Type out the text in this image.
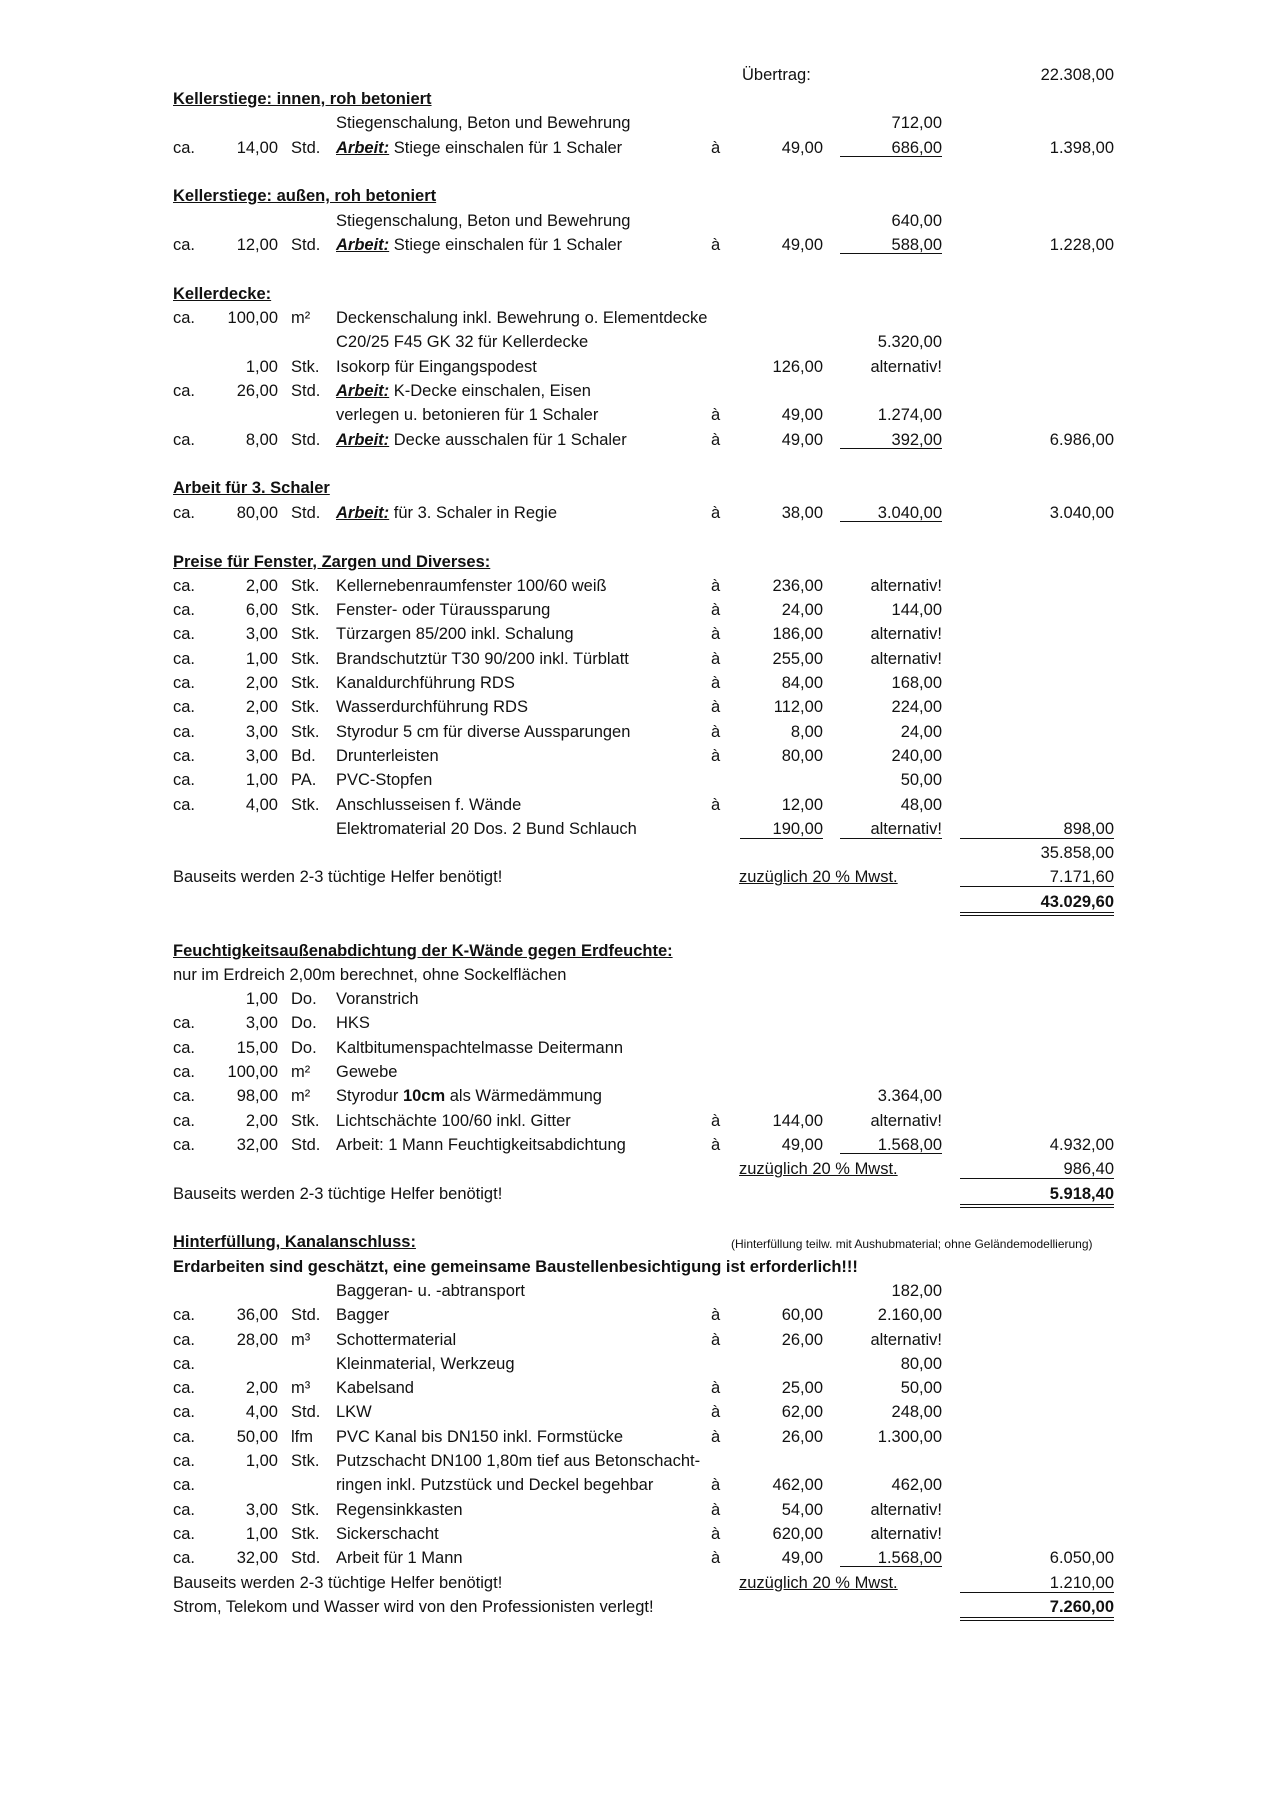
Übertrag:	22.308,00
Kellerstiege: innen, roh betoniert
Stiegenschalung, Beton und Bewehrung	712,00
ca.	14,00 Std. Arbeit: Stiege einschalen für 1 Schaler	à	49,00	686,00	1.398,00
Kellerstiege: außen, roh betoniert
Stiegenschalung, Beton und Bewehrung	640,00
ca.	12,00 Std. Arbeit: Stiege einschalen für 1 Schaler	à	49,00	588,00	1.228,00
Kellerdecke:
ca.	100,00 m² Deckenschalung inkl. Bewehrung o. Elementdecke
C20/25 F45 GK 32 für Kellerdecke	5.320,00
1,00 Stk. Isokorp für Eingangspodest	126,00	alternativ!
ca.	26,00 Std. Arbeit: K-Decke einschalen, Eisen
verlegen u. betonieren für 1 Schaler	à	49,00	1.274,00
ca.	8,00 Std. Arbeit: Decke ausschalen für 1 Schaler	à	49,00	392,00	6.986,00
Arbeit für 3. Schaler
ca.	80,00 Std. Arbeit: für 3. Schaler in Regie	à	38,00	3.040,00	3.040,00
Preise für Fenster, Zargen und Diverses:
ca.	2,00 Stk. Kellernebenraumfenster 100/60 weiß	à	236,00	alternativ!
ca.	6,00 Stk. Fenster- oder Türaussparung	à	24,00	144,00
ca.	3,00 Stk. Türzargen 85/200 inkl. Schalung	à	186,00	alternativ!
ca.	1,00 Stk. Brandschutztür T30 90/200 inkl. Türblatt	à	255,00	alternativ!
ca.	2,00 Stk. Kanaldurchführung RDS	à	84,00	168,00
ca.	2,00 Stk. Wasserdurchführung RDS	à	112,00	224,00
ca.	3,00 Stk. Styrodur 5 cm für diverse Aussparungen	à	8,00	24,00
ca.	3,00 Bd. Drunterleisten	à	80,00	240,00
ca.	1,00 PA. PVC-Stopfen	50,00
ca.	4,00 Stk. Anschlusseisen f. Wände	à	12,00	48,00
Elektromaterial 20 Dos. 2 Bund Schlauch	190,00	alternativ!	898,00
35.858,00
Bauseits werden 2-3 tüchtige Helfer benötigt!	zuzüglich 20 % Mwst.	7.171,60
43.029,60
Feuchtigkeitsaußenabdichtung der K-Wände gegen Erdfeuchte:
nur im Erdreich 2,00m berechnet, ohne Sockelflächen
1,00 Do. Voranstrich
ca.	3,00 Do. HKS
ca.	15,00 Do. Kaltbitumenspachtelmasse Deitermann
ca.	100,00 m² Gewebe
ca.	98,00 m² Styrodur 10cm als Wärmedämmung	3.364,00
ca.	2,00 Stk. Lichtschächte 100/60 inkl. Gitter	à	144,00	alternativ!
ca.	32,00 Std. Arbeit: 1 Mann Feuchtigkeitsabdichtung	à	49,00	1.568,00	4.932,00
zuzüglich 20 % Mwst.	986,40
Bauseits werden 2-3 tüchtige Helfer benötigt!	5.918,40
Hinterfüllung, Kanalanschluss:	(Hinterfüllung teilw. mit Aushubmaterial; ohne Geländemodellierung)
Erdarbeiten sind geschätzt, eine gemeinsame Baustellenbesichtigung ist erforderlich!!!
Baggeran- u. -abtransport	182,00
ca.	36,00 Std. Bagger	à	60,00	2.160,00
ca.	28,00 m³ Schottermaterial	à	26,00	alternativ!
ca.	Kleinmaterial, Werkzeug	80,00
ca.	2,00 m³ Kabelsand	à	25,00	50,00
ca.	4,00 Std. LKW	à	62,00	248,00
ca.	50,00 lfm PVC Kanal bis DN150 inkl. Formstücke	à	26,00	1.300,00
ca.	1,00 Stk. Putzschacht DN100 1,80m tief aus Betonschacht-
ca.	ringen inkl. Putzstück und Deckel begehbar	à	462,00	462,00
ca.	3,00 Stk. Regensinkkasten	à	54,00	alternativ!
ca.	1,00 Stk. Sickerschacht	à	620,00	alternativ!
ca.	32,00 Std. Arbeit für 1 Mann	à	49,00	1.568,00	6.050,00
Bauseits werden 2-3 tüchtige Helfer benötigt!	zuzüglich 20 % Mwst.	1.210,00
Strom, Telekom und Wasser wird von den Professionisten verlegt!	7.260,00
